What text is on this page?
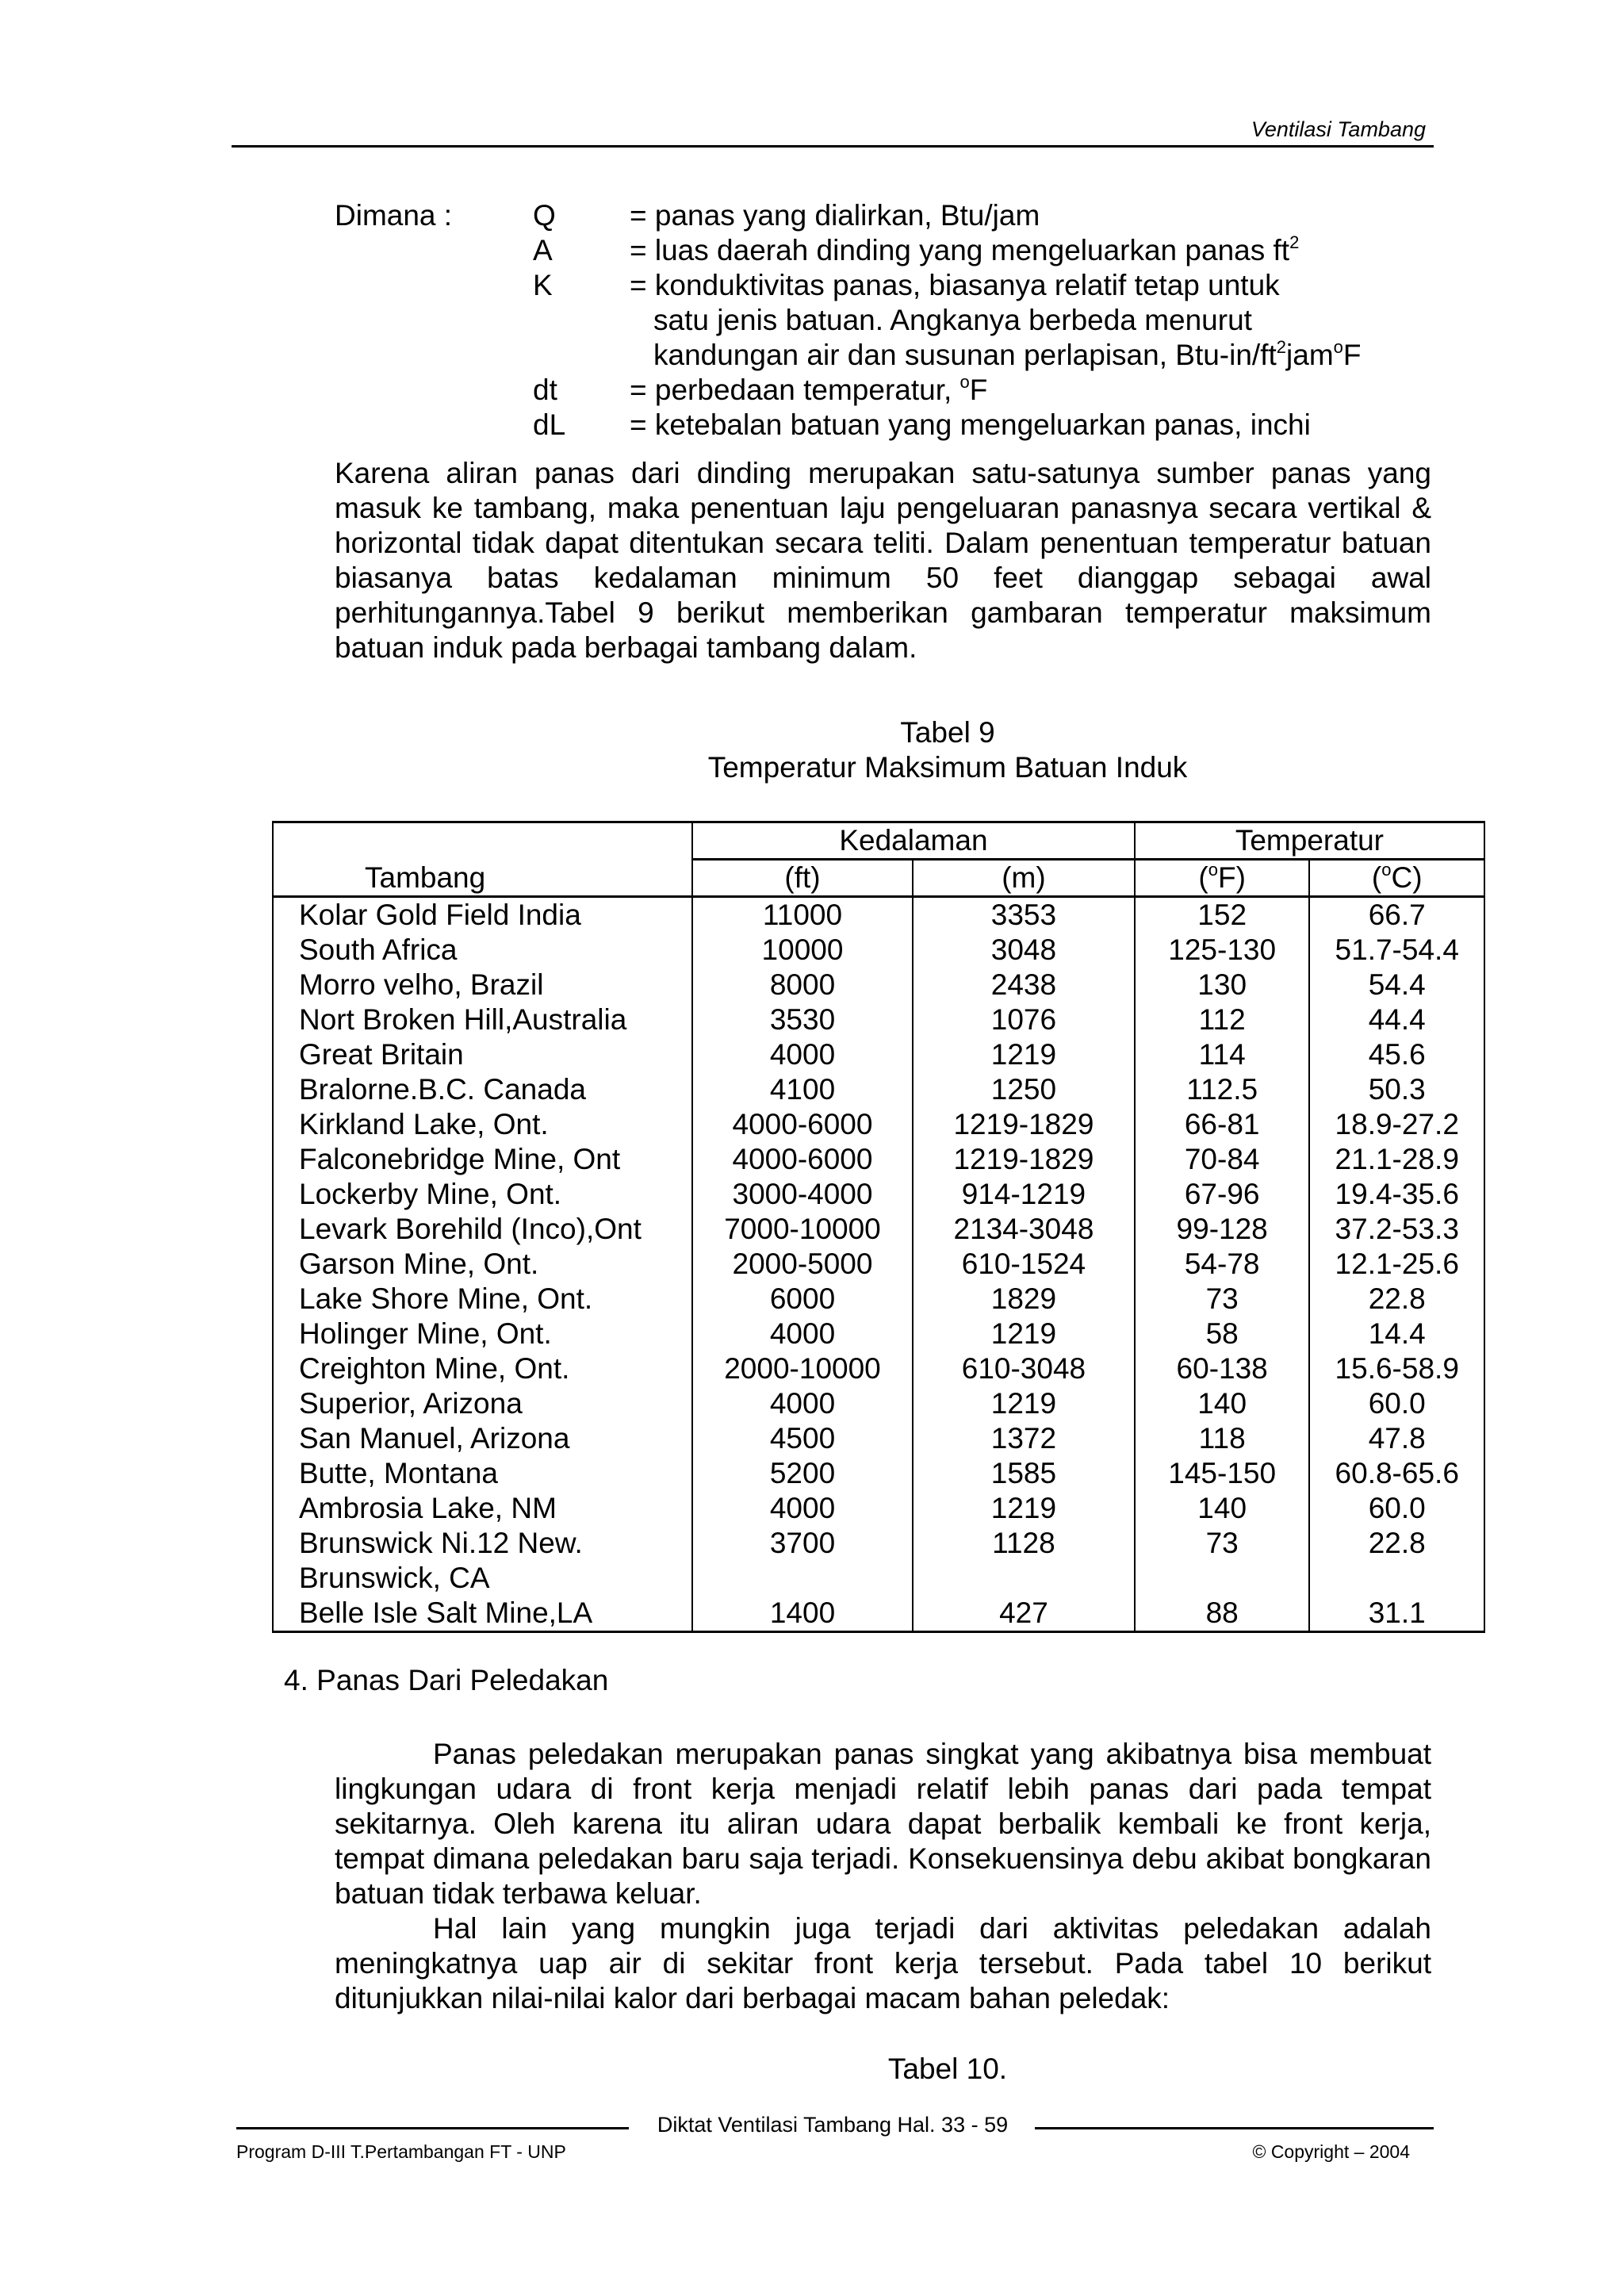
Ventilasi Tambang
Dimana :	Q	= panas yang dialirkan, Btu/jam
A	= luas daerah dinding yang mengeluarkan panas $ft^2$
K	= konduktivitas panas, biasanya relatif tetap untuk
satu jenis batuan. Angkanya berbeda menurut
kandungan air dan susunan perlapisan, Btu-$in/ft^2jam^oF$
dt	= perbedaan temperatur, $^o$F
dL	= ketebalan batuan yang mengeluarkan panas, inchi

Karena aliran panas dari dinding merupakan satu-satunya sumber panas yang masuk ke tambang, maka penentuan laju pengeluaran panasnya secara vertikal & horizontal tidak dapat ditentukan secara teliti. Dalam penentuan temperatur batuan biasanya batas kedalaman minimum 50 feet dianggap sebagai awal perhitungannya.Tabel 9 berikut memberikan gambaran temperatur maksimum batuan induk pada berbagai tambang dalam.

Tabel 9
Temperatur Maksimum Batuan Induk
Tambang	Kedalaman		Temperatur	
	(ft)	(m)	($^o$F)	($^o$C)
Kolar Gold Field India	11000	3353	152	66.7
South Africa	10000	3048	125-130	51.7-54.4
Morro velho, Brazil	8000	2438	130	54.4
Nort Broken Hill,Australia	3530	1076	112	44.4
Great Britain	4000	1219	114	45.6
Bralorne.B.C. Canada	4100	1250	112.5	50.3
Kirkland Lake, Ont.	4000-6000	1219-1829	66-81	18.9-27.2
Falconebridge Mine, Ont	4000-6000	1219-1829	70-84	21.1-28.9
Lockerby Mine, Ont.	3000-4000	914-1219	67-96	19.4-35.6
Levark Borehild (Inco),Ont	7000-10000	2134-3048	99-128	37.2-53.3
Garson Mine, Ont.	2000-5000	610-1524	54-78	12.1-25.6
Lake Shore Mine, Ont.	6000	1829	73	22.8
Holinger Mine, Ont.	4000	1219	58	14.4
Creighton Mine, Ont.	2000-10000	610-3048	60-138	15.6-58.9
Superior, Arizona	4000	1219	140	60.0
San Manuel, Arizona	4500	1372	118	47.8
Butte, Montana	5200	1585	145-150	60.8-65.6
Ambrosia Lake, NM	4000	1219	140	60.0
Brunswick Ni.12 New.	3700	1128	73	22.8
Brunswick, CA				
Belle Isle Salt Mine,LA	1400	427	88	31.1
4. Panas Dari Peledakan

Panas peledakan merupakan panas singkat yang akibatnya bisa membuat lingkungan udara di front kerja menjadi relatif lebih panas dari pada tempat sekitarnya. Oleh karena itu aliran udara dapat berbalik kembali ke front kerja, tempat dimana peledakan baru saja terjadi. Konsekuensinya debu akibat bongkaran batuan tidak terbawa keluar.

Hal lain yang mungkin juga terjadi dari aktivitas peledakan adalah meningkatnya uap air di sekitar front kerja tersebut. Pada tabel 10 berikut ditunjukkan nilai-nilai kalor dari berbagai macam bahan peledak:

Tabel 10.
Diktat Ventilasi Tambang Hal. 33 - 59
Program D-III T.Pertambangan FT - UNP	© Copyright – 2004
